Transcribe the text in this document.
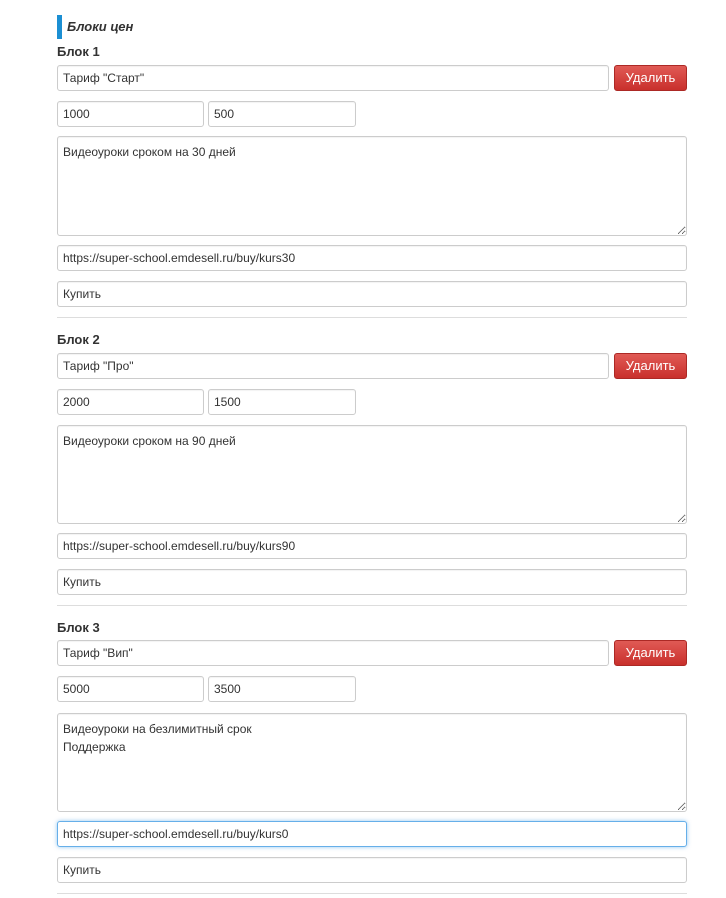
Блоки цен
Блок 1
Тариф "Старт"
Удалить
1000
500
Видеоуроки сроком на 30 дней
https://super-school.emdesell.ru/buy/kurs30
Купить
Блок 2
Тариф "Про"
Удалить
2000
1500
Видеоуроки сроком на 90 дней
https://super-school.emdesell.ru/buy/kurs90
Купить
Блок 3
Тариф "Вип"
Удалить
5000
3500
Видеоуроки на безлимитный срок Поддержка
https://super-school.emdesell.ru/buy/kurs0
Купить
